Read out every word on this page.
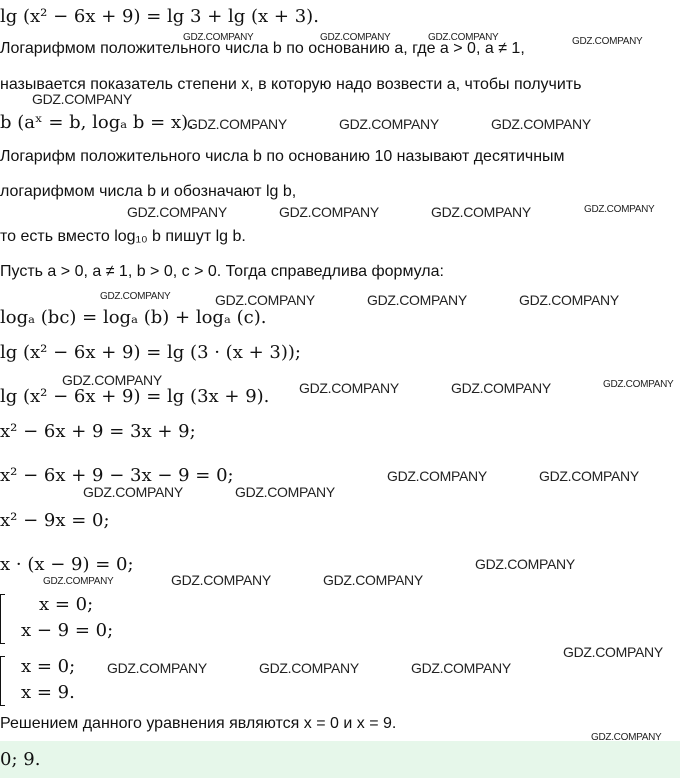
lg (x² − 6x + 9) = lg 3 + lg (x + 3).
Логарифмом положительного числа b по основанию a, где a > 0, a ≠ 1,
называется показатель степени x, в которую надо возвести a, чтобы получить
b (aˣ = b, logₐ b = x).
Логарифм положительного числа b по основанию 10 называют десятичным
логарифмом числа b и обозначают lg b,
то есть вместо log₁₀ b пишут lg b.
Пусть a > 0, a ≠ 1, b > 0, c > 0. Тогда справедлива формула:
logₐ (bc) = logₐ (b) + logₐ (c).
lg (x² − 6x + 9) = lg (3 · (x + 3));
lg (x² − 6x + 9) = lg (3x + 9).
x² − 6x + 9 = 3x + 9;
x² − 6x + 9 − 3x − 9 = 0;
x² − 9x = 0;
x · (x − 9) = 0;
x = 0;
x − 9 = 0;
x = 0;
x = 9.
Решением данного уравнения являются x = 0 и x = 9.
0; 9.
GDZ.COMPANY	GDZ.COMPANY	GDZ.COMPANY	GDZ.COMPANY
GDZ.COMPANY
GDZ.COMPANY	GDZ.COMPANY	GDZ.COMPANY
GDZ.COMPANY	GDZ.COMPANY	GDZ.COMPANY	GDZ.COMPANY
GDZ.COMPANY	GDZ.COMPANY	GDZ.COMPANY	GDZ.COMPANY
GDZ.COMPANY	GDZ.COMPANY	GDZ.COMPANY	GDZ.COMPANY
GDZ.COMPANY	GDZ.COMPANY
GDZ.COMPANY	GDZ.COMPANY
GDZ.COMPANY
GDZ.COMPANY	GDZ.COMPANY	GDZ.COMPANY
GDZ.COMPANY
GDZ.COMPANY	GDZ.COMPANY	GDZ.COMPANY
GDZ.COMPANY
